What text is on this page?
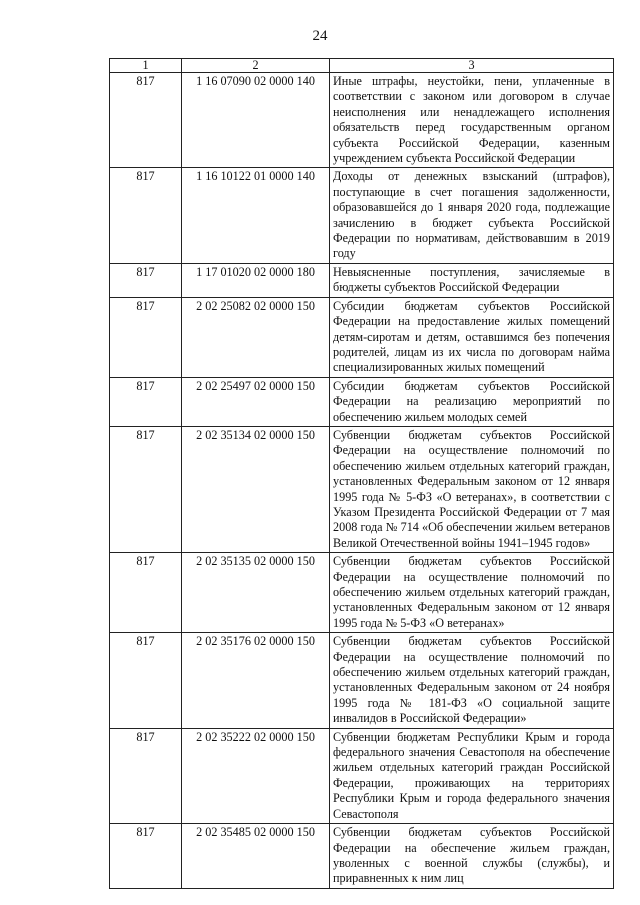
24
1	2	3
817	1 16 07090 02 0000 140	Иные штрафы, неустойки, пени, уплаченные в соответствии с законом или договором в случае неисполнения или ненадлежащего исполнения обязательств перед государственным органом субъекта Российской Федерации, казенным учреждением субъекта Российской Федерации
817	1 16 10122 01 0000 140	Доходы от денежных взысканий (штрафов), поступающие в счет погашения задолженности, образовавшейся до 1 января 2020 года, подлежащие зачислению в бюджет субъекта Российской Федерации по нормативам, действовавшим в 2019 году
817	1 17 01020 02 0000 180	Невыясненные поступления, зачисляемые в бюджеты субъектов Российской Федерации
817	2 02 25082 02 0000 150	Субсидии бюджетам субъектов Российской Федерации на предоставление жилых помещений детям-сиротам и детям, оставшимся без попечения родителей, лицам из их числа по договорам найма специализированных жилых помещений
817	2 02 25497 02 0000 150	Субсидии бюджетам субъектов Российской Федерации на реализацию мероприятий по обеспечению жильем молодых семей
817	2 02 35134 02 0000 150	Субвенции бюджетам субъектов Российской Федерации на осуществление полномочий по обеспечению жильем отдельных категорий граждан, установленных Федеральным законом от 12 января 1995 года № 5-ФЗ «О ветеранах», в соответствии с Указом Президента Российской Федерации от 7 мая 2008 года № 714 «Об обеспечении жильем ветеранов Великой Отечественной войны 1941–1945 годов»
817	2 02 35135 02 0000 150	Субвенции бюджетам субъектов Российской Федерации на осуществление полномочий по обеспечению жильем отдельных категорий граждан, установленных Федеральным законом от 12 января 1995 года № 5-ФЗ «О ветеранах»
817	2 02 35176 02 0000 150	Субвенции бюджетам субъектов Российской Федерации на осуществление полномочий по обеспечению жильем отдельных категорий граждан, установленных Федеральным законом от 24 ноября 1995 года № 181-ФЗ «О социальной защите инвалидов в Российской Федерации»
817	2 02 35222 02 0000 150	Субвенции бюджетам Республики Крым и города федерального значения Севастополя на обеспечение жильем отдельных категорий граждан Российской Федерации, проживающих на территориях Республики Крым и города федерального значения Севастополя
817	2 02 35485 02 0000 150	Субвенции бюджетам субъектов Российской Федерации на обеспечение жильем граждан, уволенных с военной службы (службы), и приравненных к ним лиц
